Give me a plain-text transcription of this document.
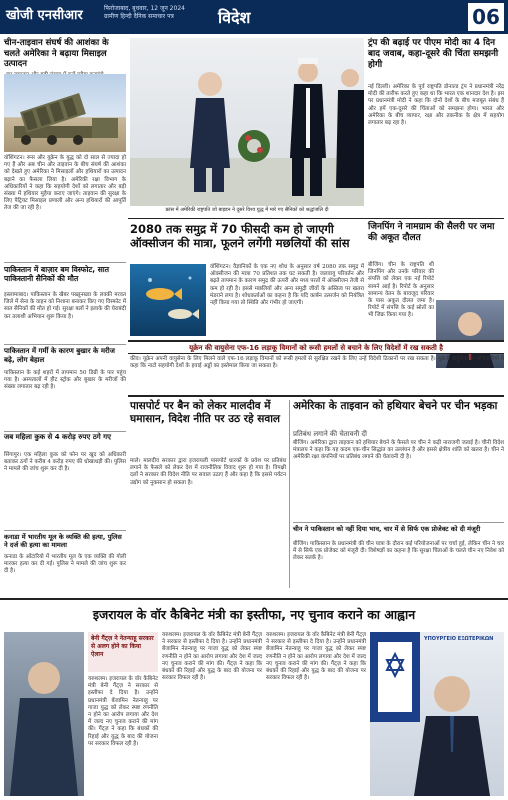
खोजी एनसीआर	फिरोजाबाद, बुधवार, 12 जून 2024
ग्रामीण हिन्दी दैनिक समाचार पत्र	विदेश	06
चीन-ताइवान संघर्ष की आशंका के चलते अमेरिका ने बढ़ाया मिसाइल उत्पादन
वॉशिंगटन। रूस और यूक्रेन के युद्ध को दो साल से ज्यादा हो गए हैं और अब चीन और ताइवान के बीच संघर्ष की आशंका को देखते हुए अमेरिका ने मिसाइलों और हथियारों का उत्पादन बढ़ाने का फैसला लिया है। अमेरिकी रक्षा विभाग के अधिकारियों ने कहा कि सहयोगी देशों को लगातार और बड़ी संख्या में हथियार मुहैया कराए जाएंगे। ताइवान की सुरक्षा के लिए पैट्रियट मिसाइल प्रणाली और अन्य हथियारों की आपूर्ति तेज की जा रही है।
पाकिस्तान में बाज़ार बम विस्फोट, सात पाकिस्तानी सैनिकों की मौत
इस्लामाबाद। पाकिस्तान के खैबर पख्तूनख्वा के लक्की मरवत जिले में सेना के वाहन को निशाना बनाकर किए गए विस्फोट में सात सैनिकों की मौत हो गई। सुरक्षा बलों ने इलाके की घेराबंदी कर तलाशी अभियान शुरू किया है।
पाकिस्तान में गर्मी के कारण बुखार के मरीज बढ़े, लोग बेहाल
पाकिस्तान के कई शहरों में तापमान 50 डिग्री के पार पहुंच गया है। अस्पतालों में हीट स्ट्रोक और बुखार के मरीजों की संख्या लगातार बढ़ रही है।
जब महिला कुक से 4 करोड़ रुपए ठगे गए
सिंगापुर। एक महिला कुक को फोन पर खुद को अधिकारी बताकर ठगों ने करीब 4 करोड़ रुपए की धोखाधड़ी की। पुलिस ने मामले की जांच शुरू कर दी है।
कनाडा में भारतीय मूल के व्यक्ति की हत्या, पुलिस ने दर्ज की हत्या का मामला
कनाडा के ओंटारियो में भारतीय मूल के एक व्यक्ति की गोली मारकर हत्या कर दी गई। पुलिस ने मामले की जांच शुरू कर दी है।
फ्रांस में अमेरिकी राष्ट्रपति जो बाइडन ने दूसरे विश्व युद्ध में मारे गए सैनिकों को श्रद्धांजलि दी
ट्रंप की बढ़ाई पर पीएम मोदी का 4 दिन बाद जवाब, कहा-दूसरे की चिंता समझनी होगी
नई दिल्ली। अमेरिका के पूर्व राष्ट्रपति डोनाल्ड ट्रंप ने प्रधानमंत्री नरेंद्र मोदी की तारीफ करते हुए कहा था कि भारत एक शानदार देश है। इस पर प्रधानमंत्री मोदी ने कहा कि दोनों देशों के बीच मजबूत संबंध हैं और हमें एक-दूसरे की चिंताओं को समझना होगा। भारत और अमेरिका के बीच व्यापार, रक्षा और तकनीक के क्षेत्र में सहयोग लगातार बढ़ रहा है।
2080 तक समुद्र में 70 फीसदी कम हो जाएगी
ऑक्सीजन की मात्रा, फूलने लगेंगी मछलियों की सांस
वॉशिंगटन। वैज्ञानिकों के एक नए शोध के अनुसार वर्ष 2080 तक समुद्र में ऑक्सीजन की मात्रा 70 प्रतिशत तक घट सकती है। जलवायु परिवर्तन और बढ़ते तापमान के कारण समुद्र की ऊपरी और मध्य परतों में ऑक्सीजन तेजी से कम हो रही है। इससे मछलियों और अन्य समुद्री जीवों के अस्तित्व पर खतरा मंडराने लगा है। शोधकर्ताओं का कहना है कि यदि कार्बन उत्सर्जन को नियंत्रित नहीं किया गया तो स्थिति और गंभीर हो जाएगी।
जिनपिंग ने नामग्राम की सैलरी पर जमा की अकूत दौलत
बीजिंग। चीन के राष्ट्रपति शी जिनपिंग और उनके परिवार की संपत्ति को लेकर एक नई रिपोर्ट सामने आई है। रिपोर्ट के अनुसार सामान्य वेतन के बावजूद परिवार के पास अकूत दौलत जमा है। रिपोर्ट में संपत्ति के कई स्रोतों का भी जिक्र किया गया है।
यूक्रेन की वायुसेना एफ-16 लड़ाकू विमानों को रूसी हमलों से बचाने के लिए विदेशों में रख सकती है
कीव। यूक्रेन अपनी वायुसेना के लिए मिलने वाले एफ-16 लड़ाकू विमानों को रूसी हमलों से सुरक्षित रखने के लिए उन्हें विदेशी ठिकानों पर रख सकता है। यूक्रेनी वायुसेना के अधिकारियों ने कहा कि नाटो सहयोगी देशों के हवाई अड्डों का इस्तेमाल किया जा सकता है।
पासपोर्ट पर बैन को लेकर मालदीव में घमासान, विदेश नीति पर उठ रहे सवाल
माले। मालदीव सरकार द्वारा इजरायली पासपोर्ट धारकों के प्रवेश पर प्रतिबंध लगाने के फैसले को लेकर देश में राजनीतिक विवाद शुरू हो गया है। विपक्षी दलों ने सरकार की विदेश नीति पर सवाल उठाए हैं और कहा है कि इससे पर्यटन उद्योग को नुकसान हो सकता है।
अमेरिका के ताइवान को हथियार बेचने पर चीन भड़का
प्रतिबंध लगाने की चेतावनी दी
बीजिंग। अमेरिका द्वारा ताइवान को हथियार बेचने के फैसले पर चीन ने कड़ी नाराजगी जताई है। चीनी विदेश मंत्रालय ने कहा कि यह कदम एक-चीन सिद्धांत का उल्लंघन है और इससे क्षेत्रीय शांति को खतरा है। चीन ने अमेरिकी रक्षा कंपनियों पर प्रतिबंध लगाने की चेतावनी दी है।
चीन ने पाकिस्तान को नहीं दिया भाव, चार में से सिर्फ एक प्रोजेक्ट को दी मंजूरी
बीजिंग। पाकिस्तान के प्रधानमंत्री की चीन यात्रा के दौरान कई परियोजनाओं पर चर्चा हुई, लेकिन चीन ने चार में से सिर्फ एक प्रोजेक्ट को मंजूरी दी। विशेषज्ञों का कहना है कि सुरक्षा चिंताओं के चलते चीन नए निवेश को लेकर सतर्क है।
इजरायल के वॉर कैबिनेट मंत्री का इस्तीफा, नए चुनाव कराने का आह्वान
बेनी गैंट्ज़ ने नेतन्याहू सरकार से अलग होने का किया ऐलान
यरुशलम। इजरायल के वॉर कैबिनेट मंत्री बेनी गैंट्ज़ ने सरकार से इस्तीफा दे दिया है। उन्होंने प्रधानमंत्री बेंजामिन नेतन्याहू पर गाजा युद्ध को लेकर स्पष्ट रणनीति न होने का आरोप लगाया और देश में जल्द नए चुनाव कराने की मांग की। गैंट्ज़ ने कहा कि बंधकों की रिहाई और युद्ध के बाद की योजना पर सरकार विफल रही है।
यरुशलम। इजरायल के वॉर कैबिनेट मंत्री बेनी गैंट्ज़ ने सरकार से इस्तीफा दे दिया है। उन्होंने प्रधानमंत्री बेंजामिन नेतन्याहू पर गाजा युद्ध को लेकर स्पष्ट रणनीति न होने का आरोप लगाया और देश में जल्द नए चुनाव कराने की मांग की। गैंट्ज़ ने कहा कि बंधकों की रिहाई और युद्ध के बाद की योजना पर सरकार विफल रही है।
यरुशलम। इजरायल के वॉर कैबिनेट मंत्री बेनी गैंट्ज़ ने सरकार से इस्तीफा दे दिया है। उन्होंने प्रधानमंत्री बेंजामिन नेतन्याहू पर गाजा युद्ध को लेकर स्पष्ट रणनीति न होने का आरोप लगाया और देश में जल्द नए चुनाव कराने की मांग की। गैंट्ज़ ने कहा कि बंधकों की रिहाई और युद्ध के बाद की योजना पर सरकार विफल रही है।
ΥΠΟΥΡΓΕΙΟ ΕΞΩΤΕΡΙΚΩΝ
